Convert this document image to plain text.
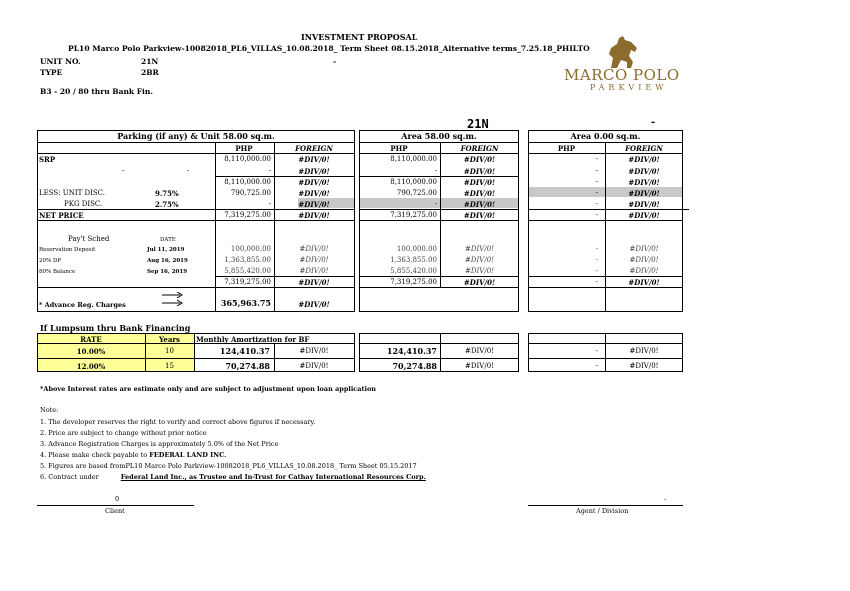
INVESTMENT PROPOSAL
PL10 Marco Polo Parkview-10082018_PL6_VILLAS_10.08.2018_ Term Sheet 08.15.2018_Alternative terms_7.25.18_PHILTO
UNIT NO.	21N	-
TYPE	2BR
B3 - 20 / 80 thru Bank Fin.
MARCO POLO
PARKVIEW
21N	-
Parking (if any) & Unit 58.00 sq.m.
PHP	FOREIGN
SRP	8,110,000.00	#DIV/0!
-	-	-	#DIV/0!
8,110,000.00	#DIV/0!
LESS: UNIT DISC.	9.75%	790,725.00	#DIV/0!
PKG DISC.	2.75%	-	#DIV/0!
NET PRICE	7,319,275.00	#DIV/0!
Pay't Sched	DATE
Reservation Deposit	Jul 11, 2019	100,000.00	#DIV/0!
20% DP	Aug 16, 2019	1,363,855.00	#DIV/0!
80% Balance	Sep 16, 2019	5,855,420.00	#DIV/0!
7,319,275.00	#DIV/0!
* Advance Reg. Charges	365,963.75	#DIV/0!
Area 58.00 sq.m.
PHP	FOREIGN
8,110,000.00	#DIV/0!
-	#DIV/0!
8,110,000.00	#DIV/0!
790,725.00	#DIV/0!
-	#DIV/0!
7,319,275.00	#DIV/0!
100,000.00	#DIV/0!
1,363,855.00	#DIV/0!
5,855,420.00	#DIV/0!
7,319,275.00	#DIV/0!
Area 0.00 sq.m.
PHP	FOREIGN
-	#DIV/0!
-	#DIV/0!
-	#DIV/0!
-	#DIV/0!
-	#DIV/0!
-	#DIV/0!
-	#DIV/0!
-	#DIV/0!
-	#DIV/0!
-	#DIV/0!
If Lumpsum thru Bank Financing
RATE	Years	Monthly Amortization for BF
10.00%	10	124,410.37	#DIV/0!	124,410.37	#DIV/0!	-	#DIV/0!
12.00%	15	70,274.88	#DIV/0!	70,274.88	#DIV/0!	-	#DIV/0!
*Above Interest rates are estimate only and are subject to adjustment upon loan application
Note:
1. The developer reserves the right to verify and correct above figures if necessary.
2. Price are subject to change without prior notice
3. Advance Registration Charges is approximately 5.0% of the Net Price
4. Please make check payable to FEDERAL LAND INC.
5. Figures are based fromPL10 Marco Polo Parkview-10082018_PL6_VILLAS_10.08.2018_ Term Sheet 05.15.2017
6. Contract under	Federal Land Inc., as Trustee and In-Trust for Cathay International Resources Corp.
0
Client
-
Agent / Division
